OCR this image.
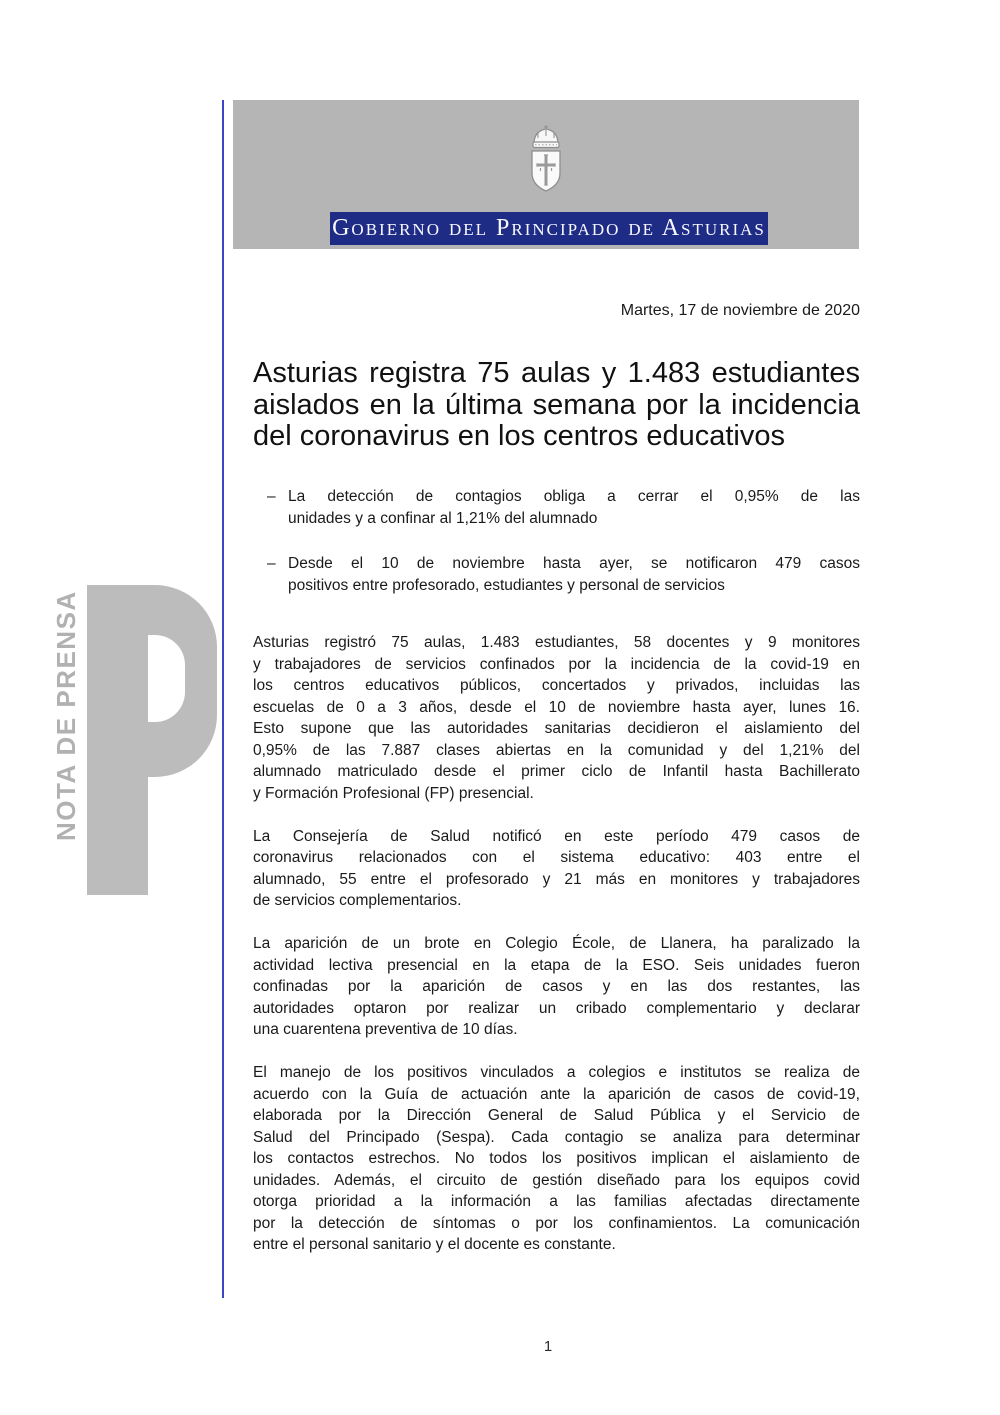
NOTA DE PRENSA
Gobierno del Principado de Asturias
Martes, 17 de noviembre de 2020
Asturias registra 75 aulas y 1.483 estudiantes
aislados en la última semana por la incidencia
del coronavirus en los centros educativos
– La detección de contagios obliga a cerrar el 0,95% de las
unidades y a confinar al 1,21% del alumnado
– Desde el 10 de noviembre hasta ayer, se notificaron 479 casos
positivos entre profesorado, estudiantes y personal de servicios
Asturias registró 75 aulas, 1.483 estudiantes, 58 docentes y 9 monitores
y trabajadores de servicios confinados por la incidencia de la covid-19 en
los centros educativos públicos, concertados y privados, incluidas las
escuelas de 0 a 3 años, desde el 10 de noviembre hasta ayer, lunes 16.
Esto supone que las autoridades sanitarias decidieron el aislamiento del
0,95% de las 7.887 clases abiertas en la comunidad y del 1,21% del
alumnado matriculado desde el primer ciclo de Infantil hasta Bachillerato
y Formación Profesional (FP) presencial.
La Consejería de Salud notificó en este período 479 casos de
coronavirus relacionados con el sistema educativo: 403 entre el
alumnado, 55 entre el profesorado y 21 más en monitores y trabajadores
de servicios complementarios.
La aparición de un brote en Colegio École, de Llanera, ha paralizado la
actividad lectiva presencial en la etapa de la ESO. Seis unidades fueron
confinadas por la aparición de casos y en las dos restantes, las
autoridades optaron por realizar un cribado complementario y declarar
una cuarentena preventiva de 10 días.
El manejo de los positivos vinculados a colegios e institutos se realiza de
acuerdo con la Guía de actuación ante la aparición de casos de covid-19,
elaborada por la Dirección General de Salud Pública y el Servicio de
Salud del Principado (Sespa). Cada contagio se analiza para determinar
los contactos estrechos. No todos los positivos implican el aislamiento de
unidades. Además, el circuito de gestión diseñado para los equipos covid
otorga prioridad a la información a las familias afectadas directamente
por la detección de síntomas o por los confinamientos. La comunicación
entre el personal sanitario y el docente es constante.
1
